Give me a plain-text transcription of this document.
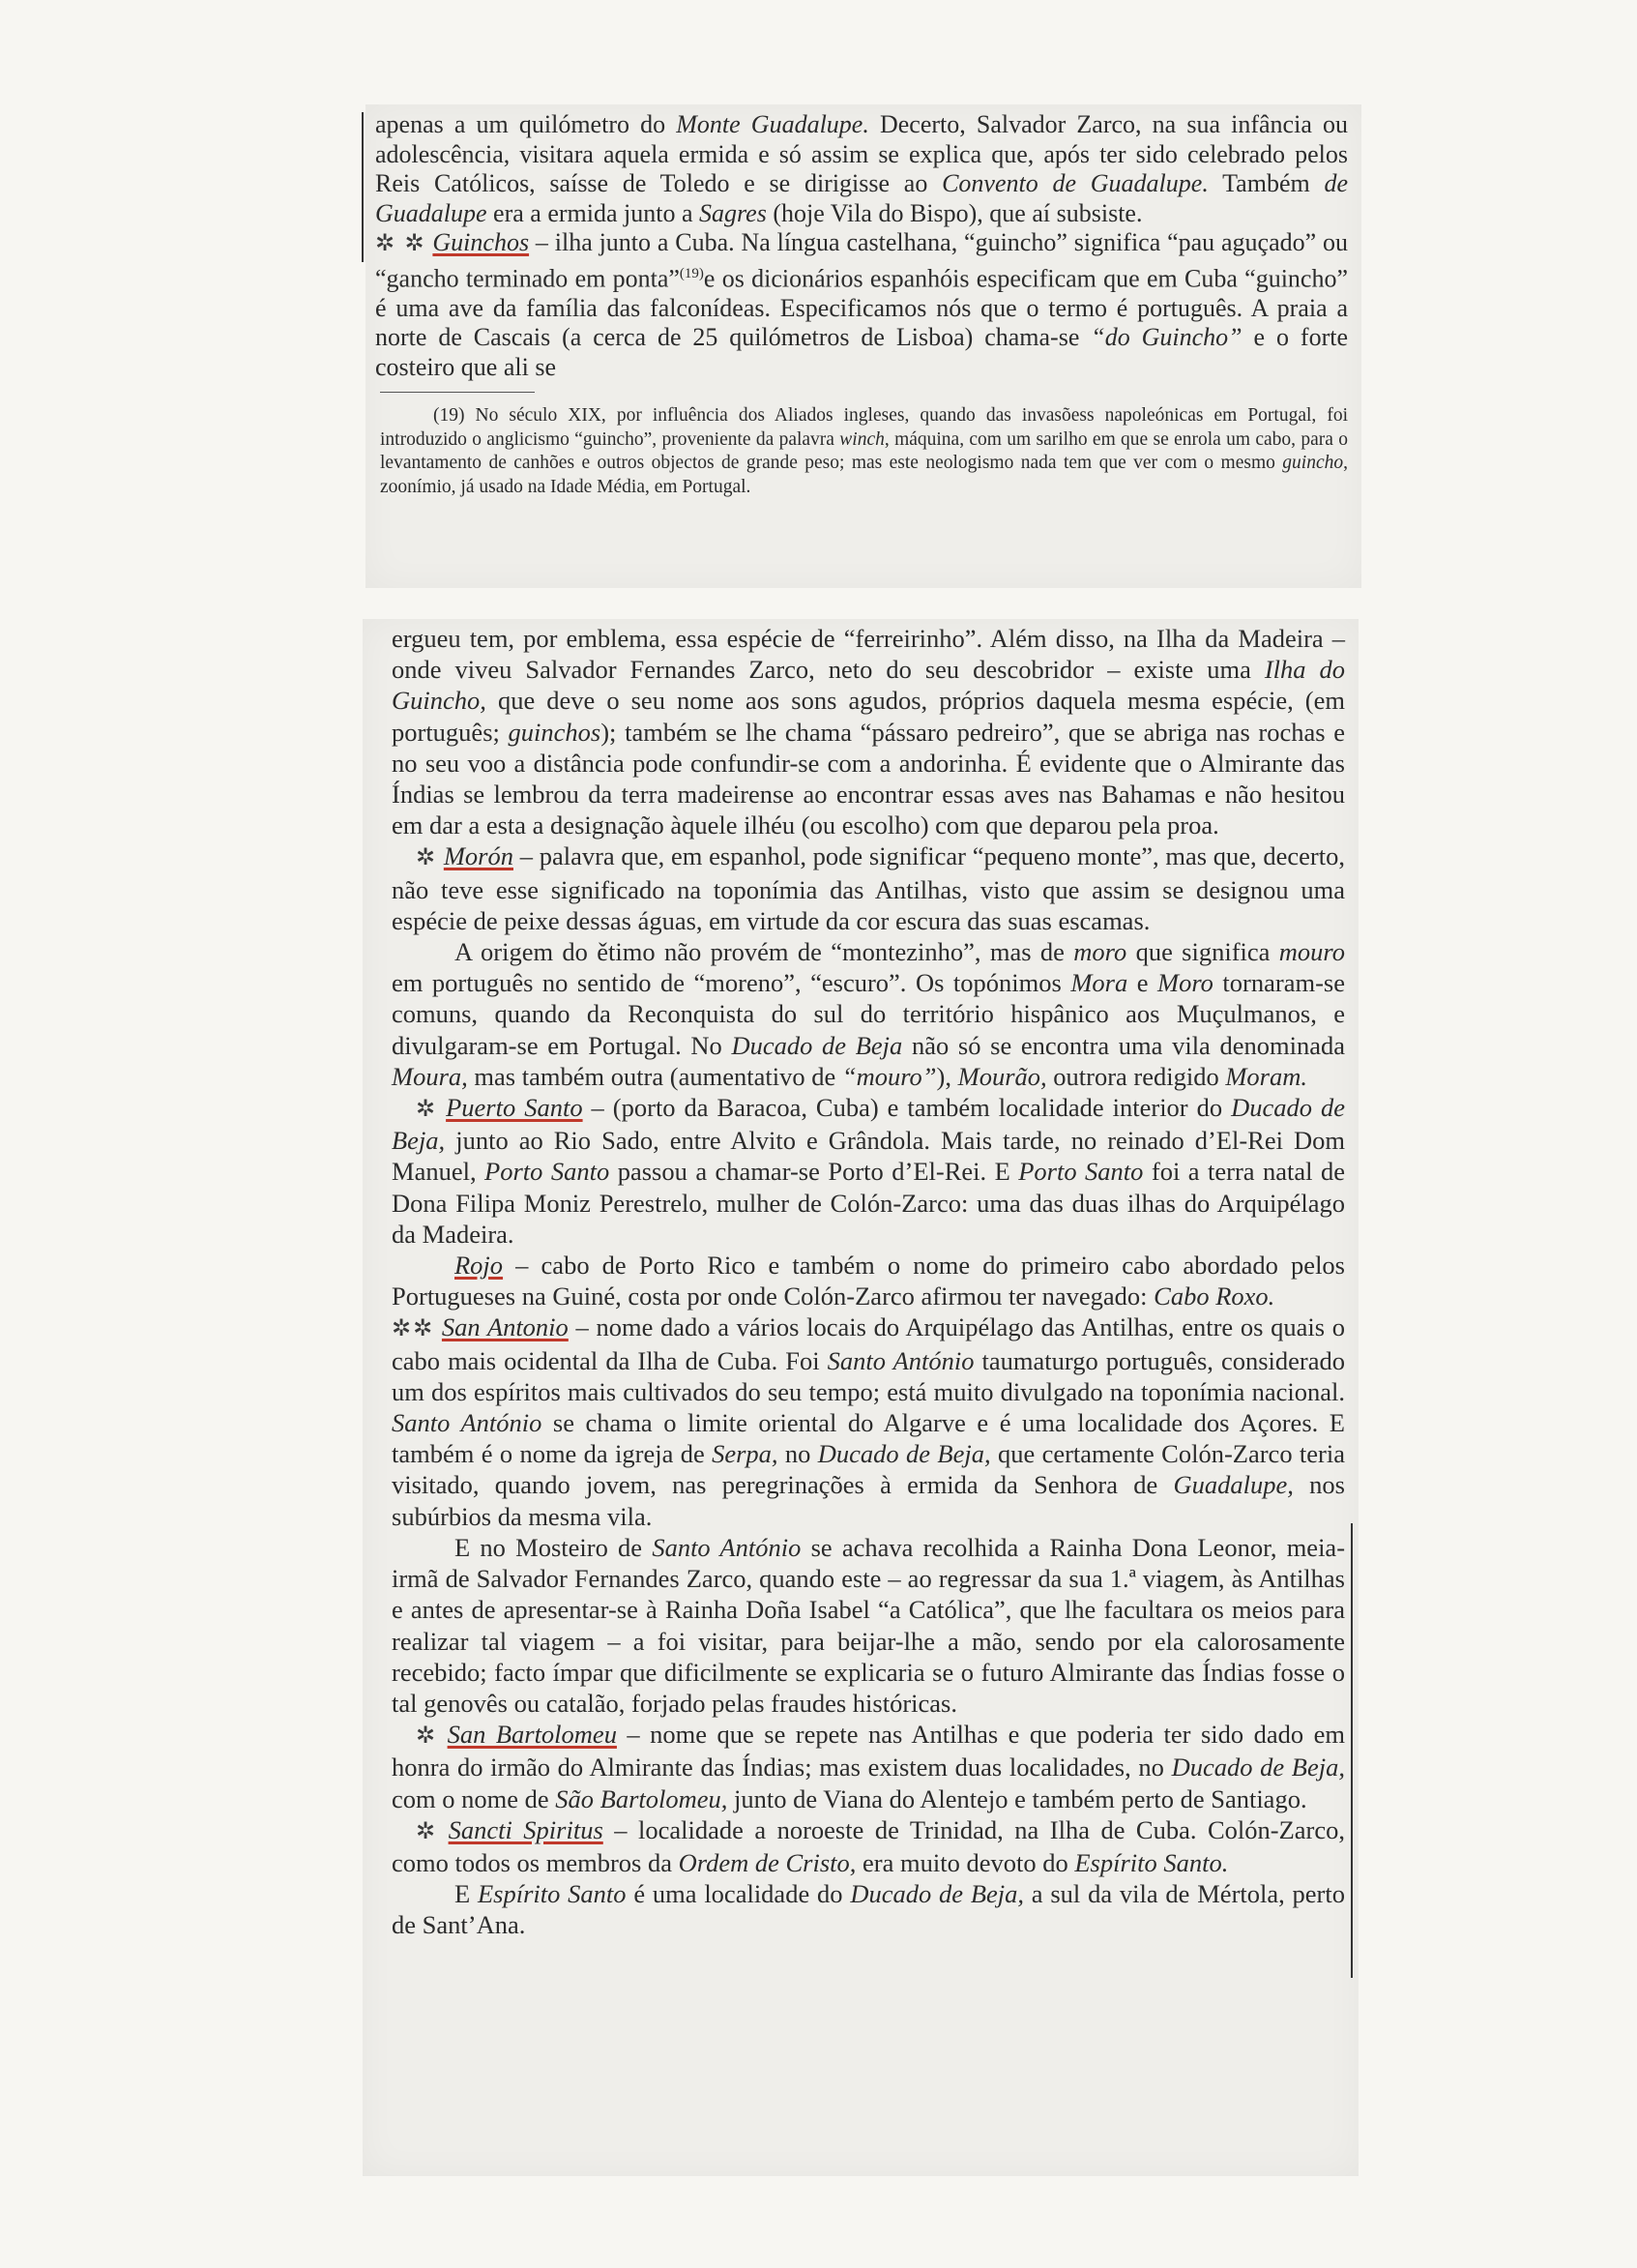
apenas a um quilómetro do Monte Guadalupe. Decerto, Salvador Zarco, na sua infância ou adolescência, visitara aquela ermida e só assim se explica que, após ter sido celebrado pelos Reis Católicos, saísse de Toledo e se dirigisse ao Convento de Guadalupe. Também de Guadalupe era a ermida junto a Sagres (hoje Vila do Bispo), que aí subsiste.

✲ ✲ Guinchos – ilha junto a Cuba. Na língua castelhana, “guincho” significa “pau aguçado” ou “gancho terminado em ponta”$^{(19)}$e os dicionários espanhóis especificam que em Cuba “guincho” é uma ave da família das falconídeas. Especificamos nós que o termo é português. A praia a norte de Cascais (a cerca de 25 quilómetros de Lisboa) chama-se “do Guincho” e o forte costeiro que ali se

(19) No século XIX, por influência dos Aliados ingleses, quando das invasõess napoleónicas em Portugal, foi introduzido o anglicismo “guincho”, proveniente da palavra winch, máquina, com um sarilho em que se enrola um cabo, para o levantamento de canhões e outros objectos de grande peso; mas este neologismo nada tem que ver com o mesmo guincho, zoonímio, já usado na Idade Média, em Portugal.

ergueu tem, por emblema, essa espécie de “ferreirinho”. Além disso, na Ilha da Madeira – onde viveu Salvador Fernandes Zarco, neto do seu descobridor – existe uma Ilha do Guincho, que deve o seu nome aos sons agudos, próprios daquela mesma espécie, (em português; guinchos); também se lhe chama “pássaro pedreiro”, que se abriga nas rochas e no seu voo a distância pode confundir-se com a andorinha. É evidente que o Almirante das Índias se lembrou da terra madeirense ao encontrar essas aves nas Bahamas e não hesitou em dar a esta a designação àquele ilhéu (ou escolho) com que deparou pela proa.

✲ Morón – palavra que, em espanhol, pode significar “pequeno monte”, mas que, decerto, não teve esse significado na toponímia das Antilhas, visto que assim se designou uma espécie de peixe dessas águas, em virtude da cor escura das suas escamas.

A origem do ětimo não provém de “montezinho”, mas de moro que significa mouro em português no sentido de “moreno”, “escuro”. Os topónimos Mora e Moro tornaram-se comuns, quando da Reconquista do sul do território hispânico aos Muçulmanos, e divulgaram-se em Portugal. No Ducado de Beja não só se encontra uma vila denominada Moura, mas também outra (aumentativo de “mouro”), Mourão, outrora redigido Moram.

✲ Puerto Santo – (porto da Baracoa, Cuba) e também localidade interior do Ducado de Beja, junto ao Rio Sado, entre Alvito e Grândola. Mais tarde, no reinado d’El-Rei Dom Manuel, Porto Santo passou a chamar-se Porto d’El-Rei. E Porto Santo foi a terra natal de Dona Filipa Moniz Perestrelo, mulher de Colón-Zarco: uma das duas ilhas do Arquipélago da Madeira.

Rojo – cabo de Porto Rico e também o nome do primeiro cabo abordado pelos Portugueses na Guiné, costa por onde Colón-Zarco afirmou ter navegado: Cabo Roxo.

✲✲ San Antonio – nome dado a vários locais do Arquipélago das Antilhas, entre os quais o cabo mais ocidental da Ilha de Cuba. Foi Santo António taumaturgo português, considerado um dos espíritos mais cultivados do seu tempo; está muito divulgado na toponímia nacional. Santo António se chama o limite oriental do Algarve e é uma localidade dos Açores. E também é o nome da igreja de Serpa, no Ducado de Beja, que certamente Colón-Zarco teria visitado, quando jovem, nas peregrinações à ermida da Senhora de Guadalupe, nos subúrbios da mesma vila.

E no Mosteiro de Santo António se achava recolhida a Rainha Dona Leonor, meia-irmã de Salvador Fernandes Zarco, quando este – ao regressar da sua 1.ª viagem, às Antilhas e antes de apresentar-se à Rainha Doña Isabel “a Católica”, que lhe facultara os meios para realizar tal viagem – a foi visitar, para beijar-lhe a mão, sendo por ela calorosamente recebido; facto ímpar que dificilmente se explicaria se o futuro Almirante das Índias fosse o tal genovês ou catalão, forjado pelas fraudes históricas.

✲ San Bartolomeu – nome que se repete nas Antilhas e que poderia ter sido dado em honra do irmão do Almirante das Índias; mas existem duas localidades, no Ducado de Beja, com o nome de São Bartolomeu, junto de Viana do Alentejo e também perto de Santiago.

✲ Sancti Spiritus – localidade a noroeste de Trinidad, na Ilha de Cuba. Colón-Zarco, como todos os membros da Ordem de Cristo, era muito devoto do Espírito Santo.

E Espírito Santo é uma localidade do Ducado de Beja, a sul da vila de Mértola, perto de Sant’Ana.
